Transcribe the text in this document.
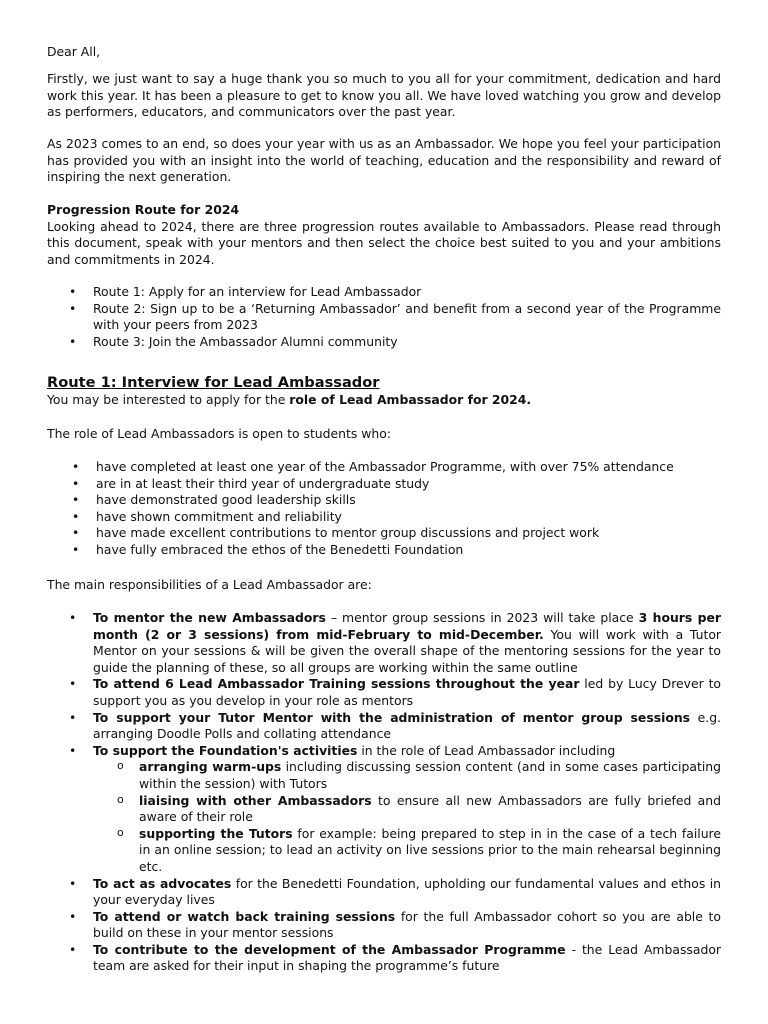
Dear All,

Firstly, we just want to say a huge thank you so much to you all for your commitment, dedication and hard work this year. It has been a pleasure to get to know you all. We have loved watching you grow and develop as performers, educators, and communicators over the past year.

As 2023 comes to an end, so does your year with us as an Ambassador. We hope you feel your participation has provided you with an insight into the world of teaching, education and the responsibility and reward of inspiring the next generation.

Progression Route for 2024

Looking ahead to 2024, there are three progression routes available to Ambassadors. Please read through this document, speak with your mentors and then select the choice best suited to you and your ambitions and commitments in 2024.

• Route 1: Apply for an interview for Lead Ambassador
• Route 2: Sign up to be a ‘Returning Ambassador’ and benefit from a second year of the Programme with your peers from 2023
• Route 3: Join the Ambassador Alumni community

Route 1: Interview for Lead Ambassador

You may be interested to apply for the role of Lead Ambassador for 2024.

The role of Lead Ambassadors is open to students who:

• have completed at least one year of the Ambassador Programme, with over 75% attendance
• are in at least their third year of undergraduate study
• have demonstrated good leadership skills
• have shown commitment and reliability
• have made excellent contributions to mentor group discussions and project work
• have fully embraced the ethos of the Benedetti Foundation

The main responsibilities of a Lead Ambassador are:

• To mentor the new Ambassadors – mentor group sessions in 2023 will take place 3 hours per month (2 or 3 sessions) from mid-February to mid-December. You will work with a Tutor Mentor on your sessions & will be given the overall shape of the mentoring sessions for the year to guide the planning of these, so all groups are working within the same outline
• To attend 6 Lead Ambassador Training sessions throughout the year led by Lucy Drever to support you as you develop in your role as mentors
• To support your Tutor Mentor with the administration of mentor group sessions e.g. arranging Doodle Polls and collating attendance
• To support the Foundation's activities in the role of Lead Ambassador including
o arranging warm-ups including discussing session content (and in some cases participating within the session) with Tutors
o liaising with other Ambassadors to ensure all new Ambassadors are fully briefed and aware of their role
o supporting the Tutors for example: being prepared to step in in the case of a tech failure in an online session; to lead an activity on live sessions prior to the main rehearsal beginning etc.
• To act as advocates for the Benedetti Foundation, upholding our fundamental values and ethos in your everyday lives
• To attend or watch back training sessions for the full Ambassador cohort so you are able to build on these in your mentor sessions
• To contribute to the development of the Ambassador Programme - the Lead Ambassador team are asked for their input in shaping the programme’s future
